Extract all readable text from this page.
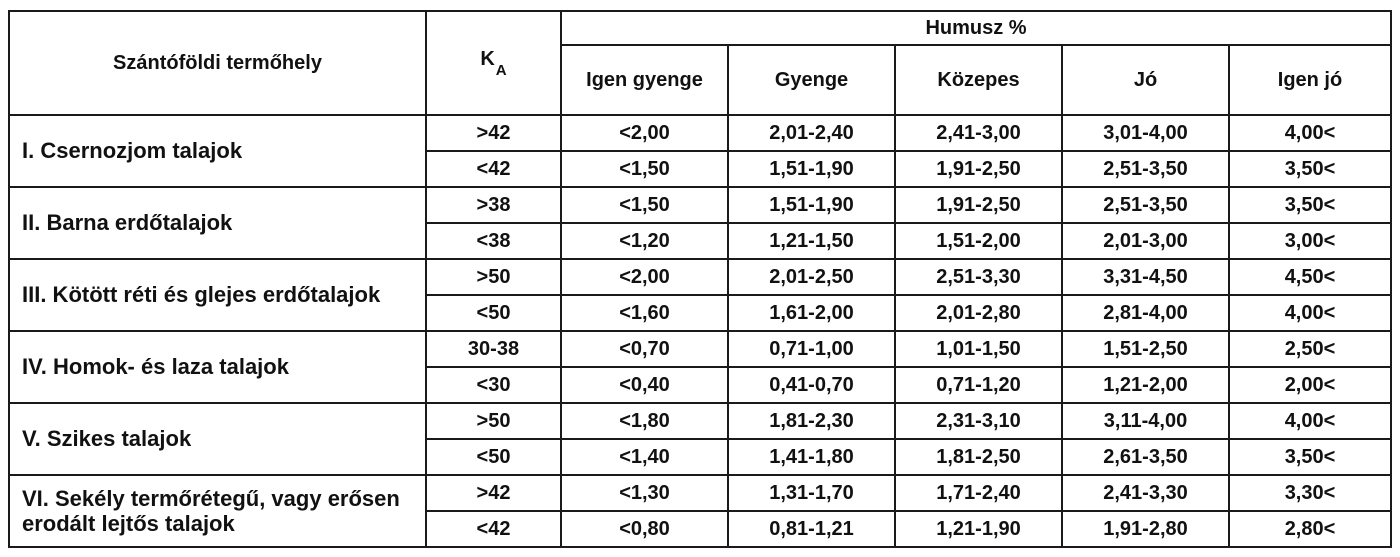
Szántóföldi termőhely	$K_A$	Humusz %				
		Igen gyenge	Gyenge	Közepes	Jó	Igen jó
I. Csernozjom talajok	>42	<2,00	2,01-2,40	2,41-3,00	3,01-4,00	4,00<
	<42	<1,50	1,51-1,90	1,91-2,50	2,51-3,50	3,50<
II. Barna erdőtalajok	>38	<1,50	1,51-1,90	1,91-2,50	2,51-3,50	3,50<
	<38	<1,20	1,21-1,50	1,51-2,00	2,01-3,00	3,00<
III. Kötött réti és glejes erdőtalajok	>50	<2,00	2,01-2,50	2,51-3,30	3,31-4,50	4,50<
	<50	<1,60	1,61-2,00	2,01-2,80	2,81-4,00	4,00<
IV. Homok- és laza talajok	30-38	<0,70	0,71-1,00	1,01-1,50	1,51-2,50	2,50<
	<30	<0,40	0,41-0,70	0,71-1,20	1,21-2,00	2,00<
V. Szikes talajok	>50	<1,80	1,81-2,30	2,31-3,10	3,11-4,00	4,00<
	<50	<1,40	1,41-1,80	1,81-2,50	2,61-3,50	3,50<
VI. Sekély termőrétegű, vagy erősen erodált lejtős talajok	>42	<1,30	1,31-1,70	1,71-2,40	2,41-3,30	3,30<
	<42	<0,80	0,81-1,21	1,21-1,90	1,91-2,80	2,80<
